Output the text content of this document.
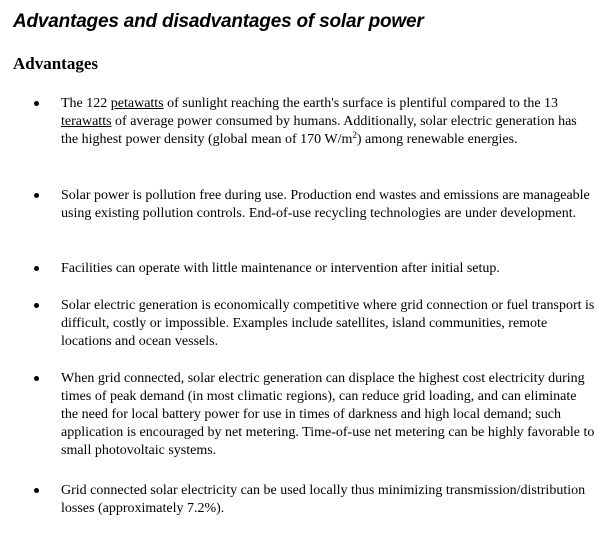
Advantages and disadvantages of solar power
Advantages

The 122 petawatts of sunlight reaching the earth's surface is plentiful compared to the 13 terawatts of average power consumed by humans. Additionally, solar electric generation has the highest power density (global mean of 170 $W/m^2$) among renewable energies.

Solar power is pollution free during use. Production end wastes and emissions are manageable using existing pollution controls. End-of-use recycling technologies are under development.

Facilities can operate with little maintenance or intervention after initial setup.

Solar electric generation is economically competitive where grid connection or fuel transport is difficult, costly or impossible. Examples include satellites, island communities, remote locations and ocean vessels.

When grid connected, solar electric generation can displace the highest cost electricity during times of peak demand (in most climatic regions), can reduce grid loading, and can eliminate the need for local battery power for use in times of darkness and high local demand; such application is encouraged by net metering. Time-of-use net metering can be highly favorable to small photovoltaic systems.

Grid connected solar electricity can be used locally thus minimizing transmission/distribution losses (approximately 7.2%).
